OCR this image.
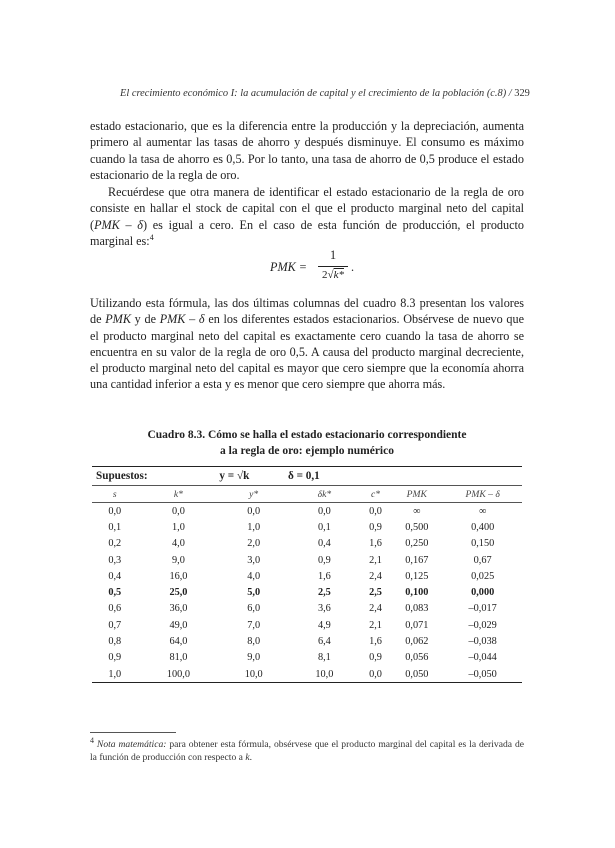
El crecimiento económico I: la acumulación de capital y el crecimiento de la población (c.8) / 329
estado estacionario, que es la diferencia entre la producción y la depreciación, aumenta primero al aumentar las tasas de ahorro y después disminuye. El consumo es máximo cuando la tasa de ahorro es 0,5. Por lo tanto, una tasa de ahorro de 0,5 produce el estado estacionario de la regla de oro.
Recuérdese que otra manera de identificar el estado estacionario de la regla de oro consiste en hallar el stock de capital con el que el producto marginal neto del capital (PMK – δ) es igual a cero. En el caso de esta función de producción, el producto marginal es:$^4$
PMK =
1
2√k*
.
Utilizando esta fórmula, las dos últimas columnas del cuadro 8.3 presentan los valores de PMK y de PMK – δ en los diferentes estados estacionarios. Obsérvese de nuevo que el producto marginal neto del capital es exactamente cero cuando la tasa de ahorro se encuentra en su valor de la regla de oro 0,5. A causa del producto marginal decreciente, el producto marginal neto del capital es mayor que cero siempre que la economía ahorra una cantidad inferior a esta y es menor que cero siempre que ahorra más.
Cuadro 8.3. Cómo se halla el estado estacionario correspondiente
a la regla de oro: ejemplo numérico
Supuestos:		y = √k	δ = 0,1			
s	k*	y*	δk*	c*	PMK	PMK – δ
0,0	0,0	0,0	0,0	0,0	∞	∞
0,1	1,0	1,0	0,1	0,9	0,500	0,400
0,2	4,0	2,0	0,4	1,6	0,250	0,150
0,3	9,0	3,0	0,9	2,1	0,167	0,67
0,4	16,0	4,0	1,6	2,4	0,125	0,025
0,5	25,0	5,0	2,5	2,5	0,100	0,000
0,6	36,0	6,0	3,6	2,4	0,083	–0,017
0,7	49,0	7,0	4,9	2,1	0,071	–0,029
0,8	64,0	8,0	6,4	1,6	0,062	–0,038
0,9	81,0	9,0	8,1	0,9	0,056	–0,044
1,0	100,0	10,0	10,0	0,0	0,050	–0,050
$^4$ Nota matemática: para obtener esta fórmula, obsérvese que el producto marginal del capital es la derivada de la función de producción con respecto a k.
